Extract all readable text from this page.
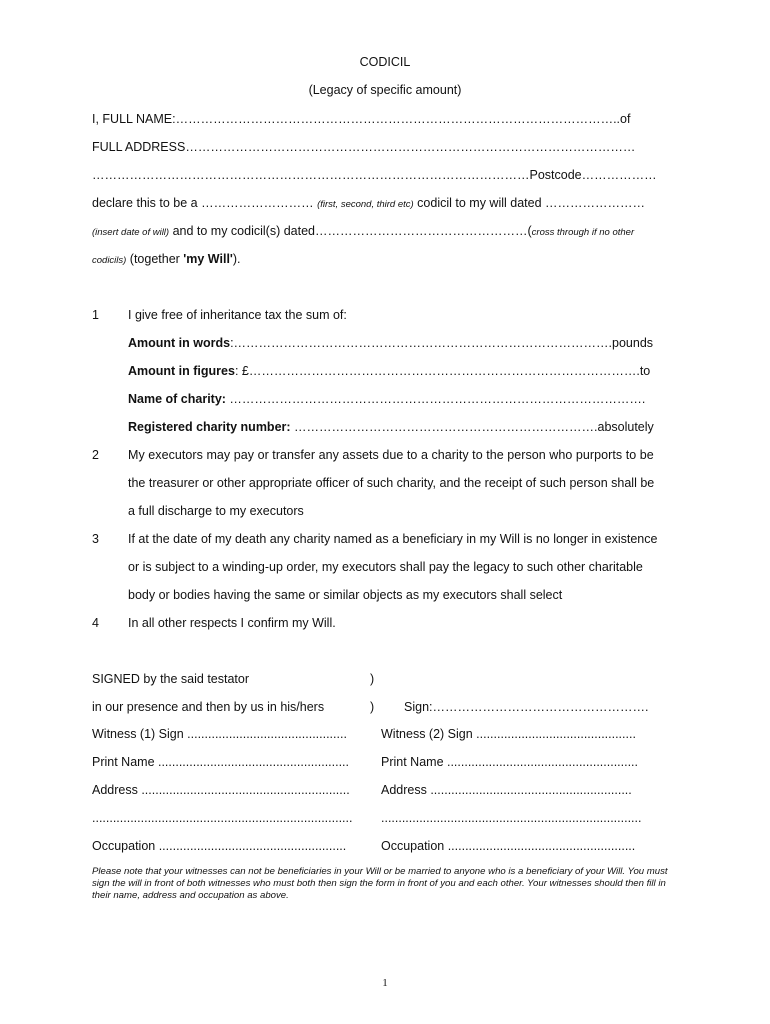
CODICIL
(Legacy of specific amount)
I, FULL NAME:……………………………………………………………………………………………..of
FULL ADDRESS………………………………………………………………………………………………
……………………………………………………………………………………………Postcode………………
declare this to be a ……………………… (first, second, third etc) codicil to my will dated ……………………
(insert date of will) and to my codicil(s) dated……………………………………………(cross through if no other
codicils) (together 'my Will').
1 I give free of inheritance tax the sum of:
Amount in words:……………………………………………………………………………….pounds
Amount in figures: £………………………………………………………………………………….to
Name of charity: ……………………………………………………………………………………….
Registered charity number: ……………………………………………………………….absolutely
2 My executors may pay or transfer any assets due to a charity to the person who purports to be
the treasurer or other appropriate officer of such charity, and the receipt of such person shall be
a full discharge to my executors
3 If at the date of my death any charity named as a beneficiary in my Will is no longer in existence
or is subject to a winding-up order, my executors shall pay the legacy to such other charitable
body or bodies having the same or similar objects as my executors shall select
4 In all other respects I confirm my Will.
SIGNED by the said testator	)
in our presence and then by us in his/hers	) Sign:…………………………………………….
Witness (1) Sign ..............................................
Print Name .......................................................
Address ............................................................
...........................................................................
Occupation ......................................................
Witness (2) Sign ..............................................
Print Name .......................................................
Address ..........................................................
...........................................................................
Occupation ......................................................
Please note that your witnesses can not be beneficiaries in your Will or be married to anyone who is a beneficiary of your Will. You must sign the will in front of both witnesses who must both then sign the form in front of you and each other. Your witnesses should then fill in their name, address and occupation as above.
1
